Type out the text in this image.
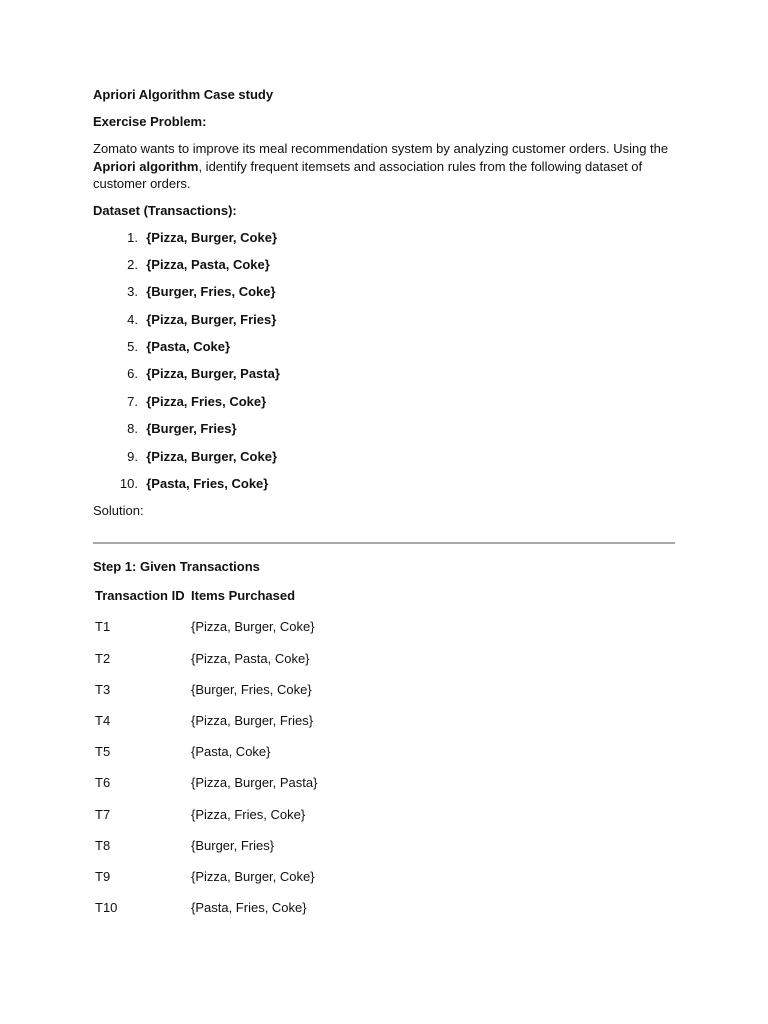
Apriori Algorithm Case study

Exercise Problem:

Zomato wants to improve its meal recommendation system by analyzing customer orders. Using the Apriori algorithm, identify frequent itemsets and association rules from the following dataset of customer orders.

Dataset (Transactions):

1.
{Pizza, Burger, Coke}
2.
{Pizza, Pasta, Coke}
3.
{Burger, Fries, Coke}
4.
{Pizza, Burger, Fries}
5.
{Pasta, Coke}
6.
{Pizza, Burger, Pasta}
7.
{Pizza, Fries, Coke}
8.
{Burger, Fries}
9.
{Pizza, Burger, Coke}
10.
{Pasta, Fries, Coke}

Solution:

Step 1: Given Transactions

Transaction ID	Items Purchased
T1	{Pizza, Burger, Coke}
T2	{Pizza, Pasta, Coke}
T3	{Burger, Fries, Coke}
T4	{Pizza, Burger, Fries}
T5	{Pasta, Coke}
T6	{Pizza, Burger, Pasta}
T7	{Pizza, Fries, Coke}
T8	{Burger, Fries}
T9	{Pizza, Burger, Coke}
T10	{Pasta, Fries, Coke}
